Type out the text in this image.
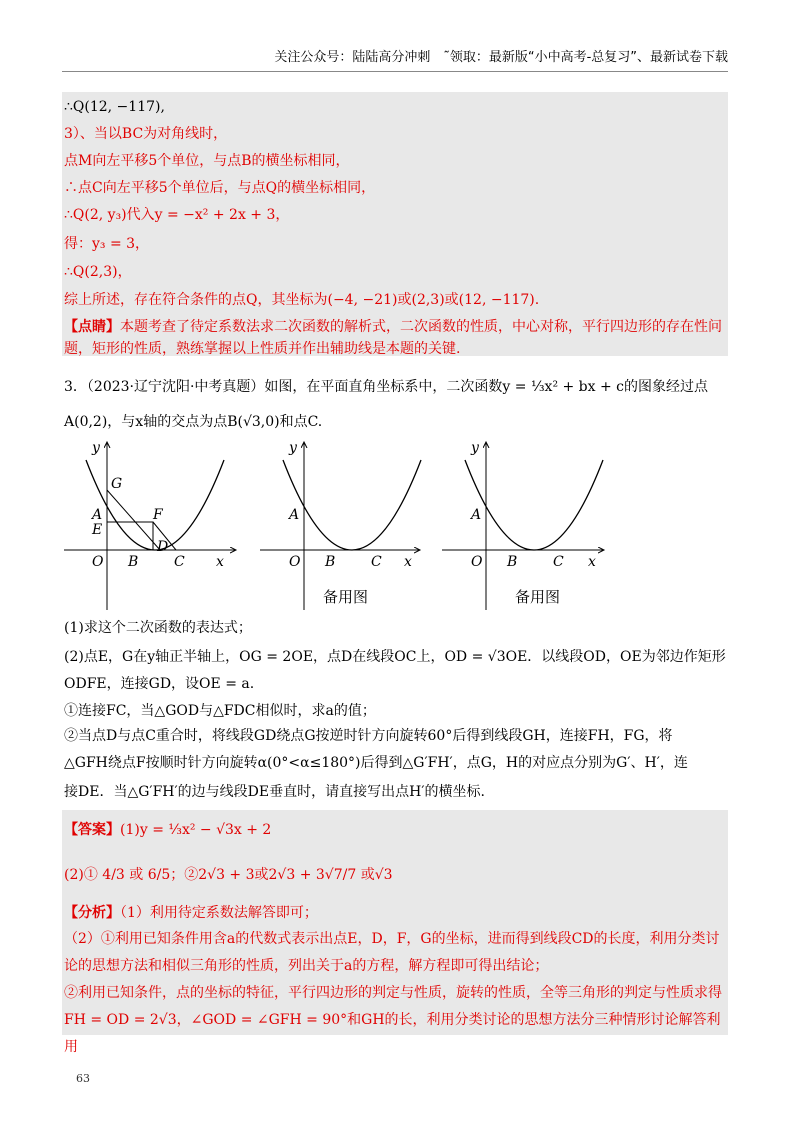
关注公众号：陆陆高分冲刺　˜领取：最新版“小中高考-总复习”、最新试卷下载
∴Q(12, −117),
3）、当以BC为对角线时，
点M向左平移5个单位，与点B的横坐标相同，
∴点C向左平移5个单位后，与点Q的横坐标相同，
∴Q(2, y₃)代入y = −x² + 2x + 3，
得：y₃ = 3，
∴Q(2,3)，
综上所述，存在符合条件的点Q，其坐标为(−4, −21)或(2,3)或(12, −117).
【点睛】本题考查了待定系数法求二次函数的解析式，二次函数的性质，中心对称，平行四边形的存在性问题，矩形的性质，熟练掌握以上性质并作出辅助线是本题的关键.
3．（2023·辽宁沈阳·中考真题）如图，在平面直角坐标系中，二次函数y = ⅓x² + bx + c的图象经过点
A(0,2)，与x轴的交点为点B(√3,0)和点C.
y
x
O
A
E
G
F
B
D
C
y
x
O
A
B	C
y
x
O
A
B	C
备用图	备用图
(1)求这个二次函数的表达式；
(2)点E，G在y轴正半轴上，OG = 2OE，点D在线段OC上，OD = √3OE．以线段OD，OE为邻边作矩形
ODFE，连接GD，设OE = a.
①连接FC，当△GOD与△FDC相似时，求a的值；
②当点D与点C重合时，将线段GD绕点G按逆时针方向旋转60°后得到线段GH，连接FH，FG，将
△GFH绕点F按顺时针方向旋转α(0°<α≤180°)后得到△G′FH′，点G，H的对应点分别为G′、H′，连
接DE．当△G′FH′的边与线段DE垂直时，请直接写出点H′的横坐标.
【答案】(1)y = ⅓x² − √3x + 2
(2)① 4/3 或 6/5；②2√3 + 3或2√3 + 3√7/7 或√3
【分析】（1）利用待定系数法解答即可；
（2）①利用已知条件用含a的代数式表示出点E，D，F，G的坐标，进而得到线段CD的长度，利用分类讨论的思想方法和相似三角形的性质，列出关于a的方程，解方程即可得出结论；
②利用已知条件，点的坐标的特征，平行四边形的判定与性质，旋转的性质，全等三角形的判定与性质求得FH = OD = 2√3，∠GOD = ∠GFH = 90°和GH的长，利用分类讨论的思想方法分三种情形讨论解答利用
63
